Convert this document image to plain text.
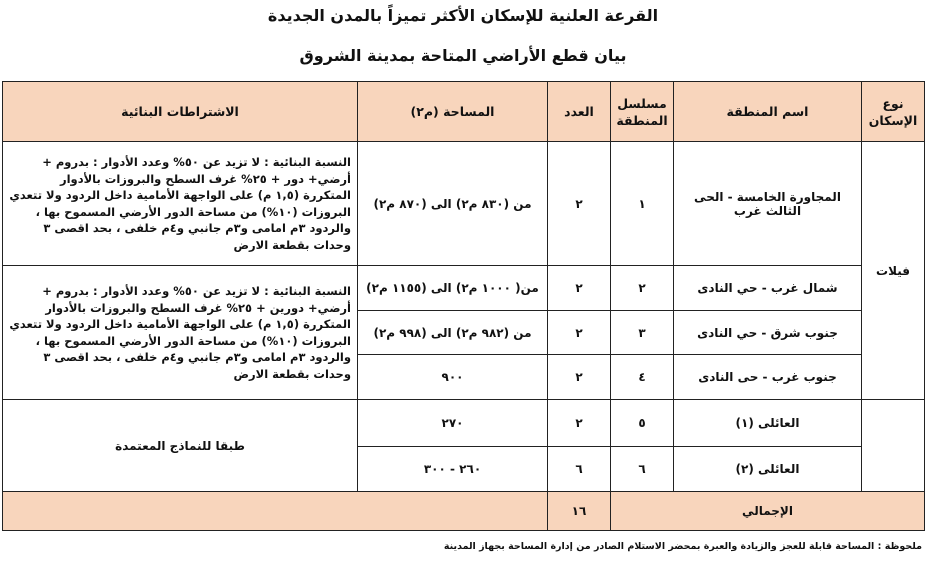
القرعة العلنية للإسكان الأكثر تميزاً بالمدن الجديدة
بيان قطع الأراضي المتاحة بمدينة الشروق
نوع الإسكان	اسم المنطقة	مسلسل المنطقة	العدد	المساحة (م٢)	الاشتراطات البنائية
فيلات	المجاورة الخامسة - الحى الثالث غرب	١	٢	من (٨٣٠ م٢) الى (٨٧٠ م٢)	النسبة البنائية : لا تزيد عن ٥٠% وعدد الأدوار : بدروم + أرضي+ دور + ٢٥% غرف السطح والبروزات بالأدوار المتكررة (١,٥ م) على الواجهة الأمامية داخل الردود ولا تتعدي البروزات (١٠%) من مساحة الدور الأرضي المسموح بها ، والردود ٣م امامى و٣م جانبي و٤م خلفى ، بحد اقصى ٣ وحدات بقطعة الارض
	شمال غرب - حي النادى	٢	٢	من( ١٠٠٠ م٢) الى (١١٥٥ م٢)	النسبة البنائية : لا تزيد عن ٥٠% وعدد الأدوار : بدروم + أرضي+ دورين + ٢٥% غرف السطح والبروزات بالأدوار المتكررة (١,٥ م) على الواجهة الأمامية داخل الردود ولا تتعدي البروزات (١٠%) من مساحة الدور الأرضي المسموح بها ، والردود ٣م امامى و٣م جانبي و٤م خلفى ، بحد اقصى ٣ وحدات بقطعة الارض
	جنوب شرق - حي النادى	٣	٢	من (٩٨٢ م٢) الى (٩٩٨ م٢)	
	جنوب غرب - حى النادى	٤	٢	٩٠٠	
	العائلى (١)	٥	٢	٢٧٠	طبقا للنماذج المعتمدة
	العائلى (٢)	٦	٦	٢٦٠ - ٣٠٠	
الإجمالي			١٦		
ملحوظة : المساحة قابلة للعجز والزيادة والعبرة بمحضر الاستلام الصادر من إدارة المساحة بجهاز المدينة
